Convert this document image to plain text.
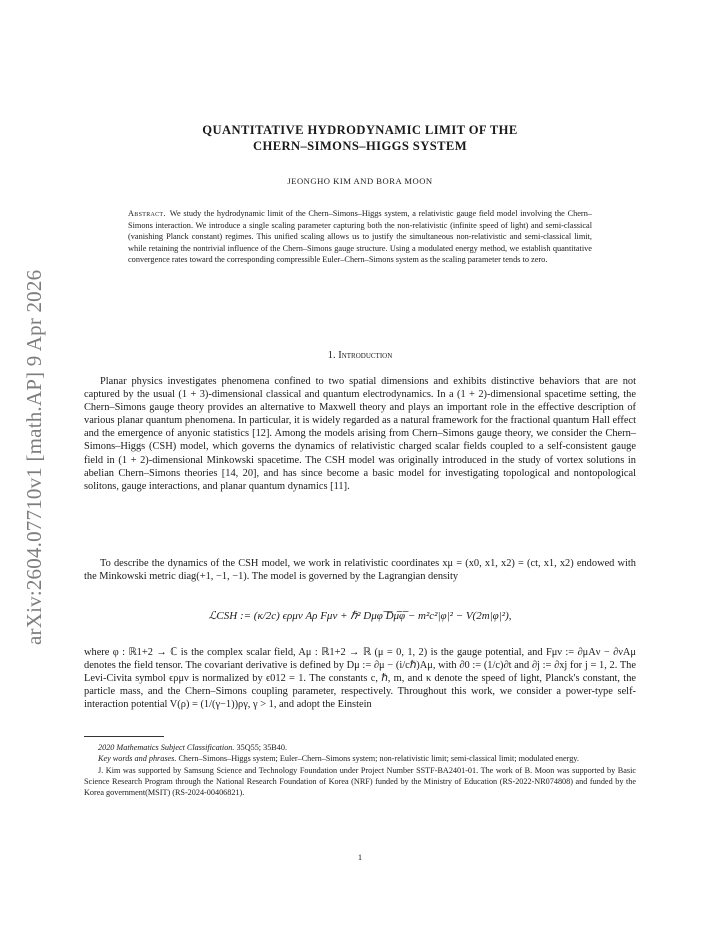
arXiv:2604.07710v1 [math.AP] 9 Apr 2026
QUANTITATIVE HYDRODYNAMIC LIMIT OF THE
CHERN–SIMONS–HIGGS SYSTEM
JEONGHO KIM AND BORA MOON
Abstract. We study the hydrodynamic limit of the Chern–Simons–Higgs system, a relativistic gauge field model involving the Chern–Simons interaction. We introduce a single scaling parameter capturing both the non-relativistic (infinite speed of light) and semi-classical (vanishing Planck constant) regimes. This unified scaling allows us to justify the simultaneous non-relativistic and semi-classical limit, while retaining the nontrivial influence of the Chern–Simons gauge structure. Using a modulated energy method, we establish quantitative convergence rates toward the corresponding compressible Euler–Chern–Simons system as the scaling parameter tends to zero.
1. Introduction

Planar physics investigates phenomena confined to two spatial dimensions and exhibits distinctive behaviors that are not captured by the usual (1 + 3)-dimensional classical and quantum electrodynamics. In a (1 + 2)-dimensional spacetime setting, the Chern–Simons gauge theory provides an alternative to Maxwell theory and plays an important role in the effective description of various planar quantum phenomena. In particular, it is widely regarded as a natural framework for the fractional quantum Hall effect and the emergence of anyonic statistics [12]. Among the models arising from Chern–Simons gauge theory, we consider the Chern–Simons–Higgs (CSH) model, which governs the dynamics of relativistic charged scalar fields coupled to a self-consistent gauge field in (1 + 2)-dimensional Minkowski spacetime. The CSH model was originally introduced in the study of vortex solutions in abelian Chern–Simons theories [14, 20], and has since become a basic model for investigating topological and nontopological solitons, gauge interactions, and planar quantum dynamics [11].

To describe the dynamics of the CSH model, we work in relativistic coordinates xμ = (x0, x1, x2) = (ct, x1, x2) endowed with the Minkowski metric diag(+1, −1, −1). The model is governed by the Lagrangian density

ℒCSH := (κ/2c) ϵρμν Aρ Fμν + ℏ² Dμφ ̅D̅μ̅φ̅ − m²c²|φ|² − V(2m|φ|²),

where φ : ℝ1+2 → ℂ is the complex scalar field, Aμ : ℝ1+2 → ℝ (μ = 0, 1, 2) is the gauge potential, and Fμν := ∂μAν − ∂νAμ denotes the field tensor. The covariant derivative is defined by Dμ := ∂μ − (i/cℏ)Aμ, with ∂0 := (1/c)∂t and ∂j := ∂xj for j = 1, 2. The Levi-Civita symbol ϵρμν is normalized by ϵ012 = 1. The constants c, ℏ, m, and κ denote the speed of light, Planck's constant, the particle mass, and the Chern–Simons coupling parameter, respectively. Throughout this work, we consider a power-type self-interaction potential V(ρ) = (1/(γ−1))ργ, γ > 1, and adopt the Einstein

2020 Mathematics Subject Classification. 35Q55; 35B40.

Key words and phrases. Chern–Simons–Higgs system; Euler–Chern–Simons system; non-relativistic limit; semi-classical limit; modulated energy.

J. Kim was supported by Samsung Science and Technology Foundation under Project Number SSTF-BA2401-01. The work of B. Moon was supported by Basic Science Research Program through the National Research Foundation of Korea (NRF) funded by the Ministry of Education (RS-2022-NR074808) and funded by the Korea government(MSIT) (RS-2024-00406821).

1
